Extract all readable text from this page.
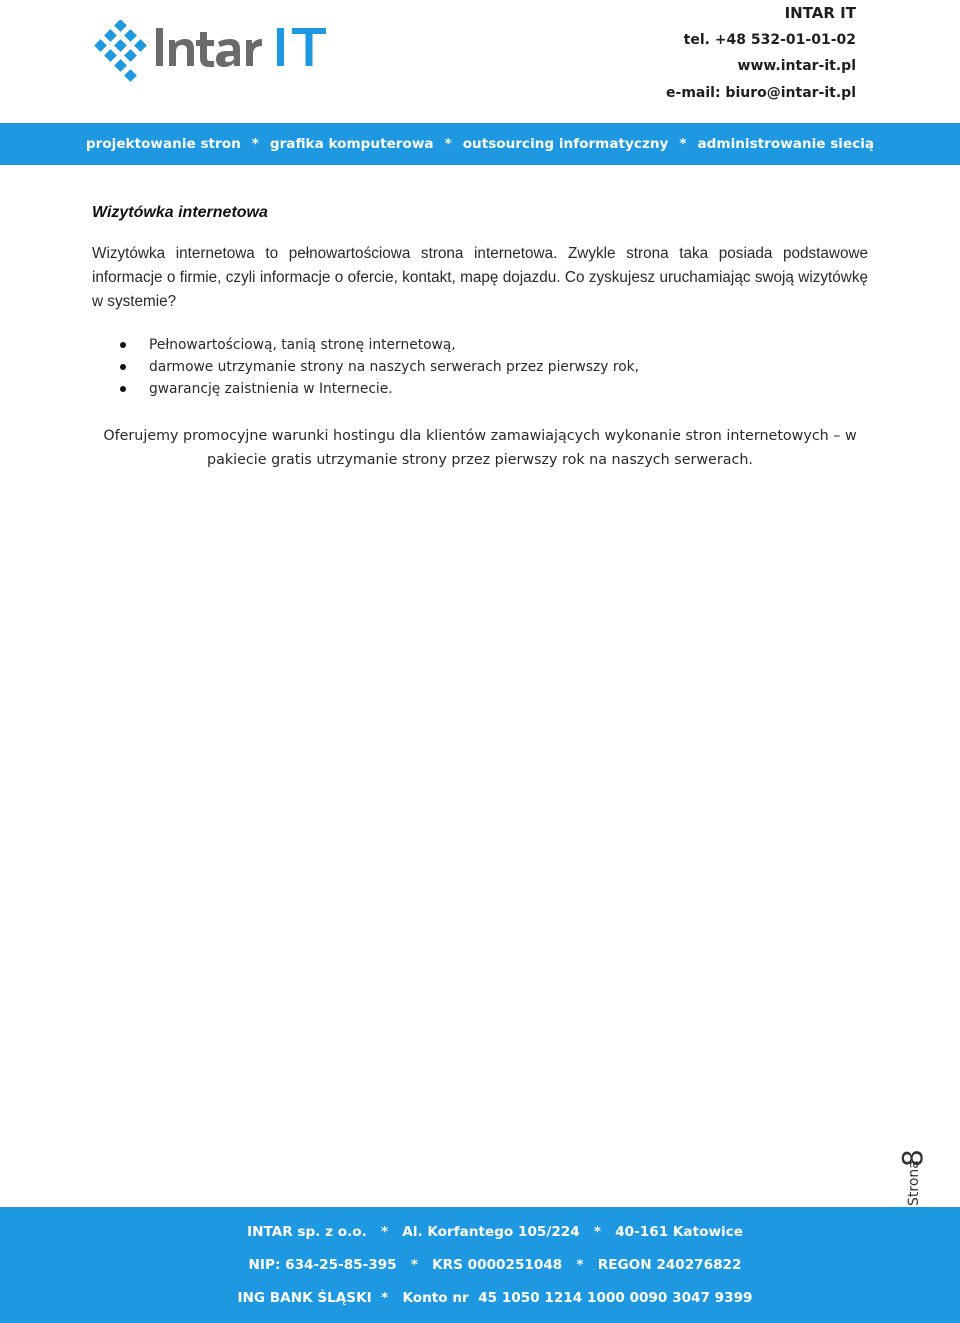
INTAR IT
tel. +48 532-01-01-02
www.intar-it.pl
e-mail: biuro@intar-it.pl
projektowanie stron * grafika komputerowa * outsourcing informatyczny * administrowanie siecią
Wizytówka internetowa
Wizytówka internetowa to pełnowartościowa strona internetowa. Zwykle strona taka posiada podstawowe informacje o firmie, czyli informacje o ofercie, kontakt, mapę dojazdu. Co zyskujesz uruchamiając swoją wizytówkę w systemie?
Pełnowartościową, tanią stronę internetową,
darmowe utrzymanie strony na naszych serwerach przez pierwszy rok,
gwarancję zaistnienia w Internecie.
Oferujemy promocyjne warunki hostingu dla klientów zamawiających wykonanie stron internetowych – w pakiecie gratis utrzymanie strony przez pierwszy rok na naszych serwerach.
Strona
8
INTAR sp. z o.o.   *   Al. Korfantego 105/224   *   40-161 Katowice
NIP: 634-25-85-395   *   KRS 0000251048   *   REGON 240276822
ING BANK ŚLĄSKI  *   Konto nr  45 1050 1214 1000 0090 3047 9399
